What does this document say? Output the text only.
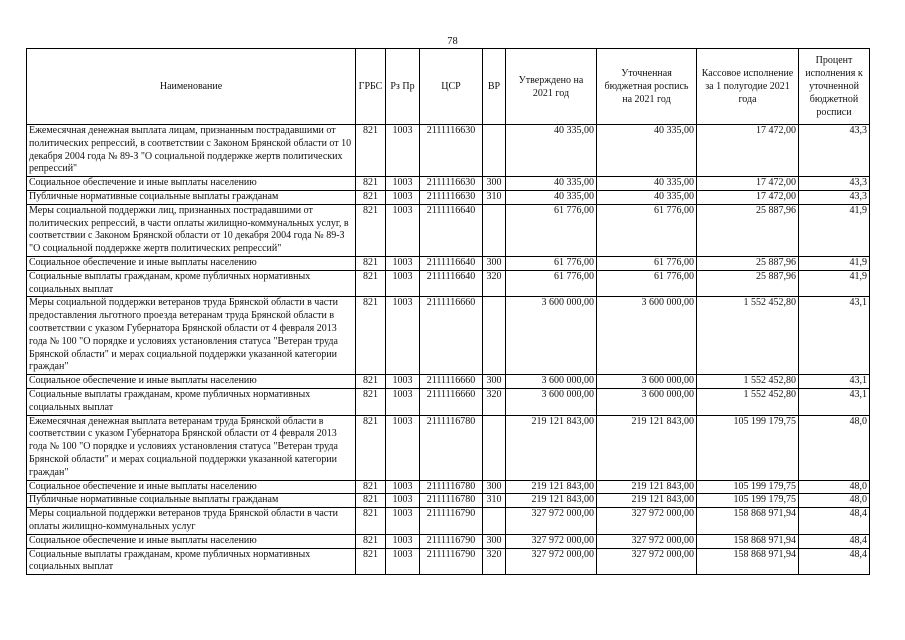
78
Наименование	ГРБС	Рз Пр	ЦСР	ВР	Утверждено на 2021 год	Уточненная бюджетная роспись на 2021 год	Кассовое исполнение за 1 полугодие 2021 года	Процент исполнения к уточненной бюджетной росписи
Ежемесячная денежная выплата лицам, признанным пострадавшими от политических репрессий, в соответствии с Законом Брянской области от 10 декабря 2004 года № 89-З "О социальной поддержке жертв политических репрессий"	821	1003	2111116630		40 335,00	40 335,00	17 472,00	43,3
Социальное обеспечение и иные выплаты населению	821	1003	2111116630	300	40 335,00	40 335,00	17 472,00	43,3
Публичные нормативные социальные выплаты гражданам	821	1003	2111116630	310	40 335,00	40 335,00	17 472,00	43,3
Меры социальной поддержки лиц, признанных пострадавшими от политических репрессий, в части оплаты жилищно-коммунальных услуг, в соответствии с Законом Брянской области от 10 декабря 2004 года № 89-З "О социальной поддержке жертв политических репрессий"	821	1003	2111116640		61 776,00	61 776,00	25 887,96	41,9
Социальное обеспечение и иные выплаты населению	821	1003	2111116640	300	61 776,00	61 776,00	25 887,96	41,9
Социальные выплаты гражданам, кроме публичных нормативных социальных выплат	821	1003	2111116640	320	61 776,00	61 776,00	25 887,96	41,9
Меры социальной поддержки ветеранов труда Брянской области в части предоставления льготного проезда ветеранам труда Брянской области в соответствии с указом Губернатора Брянской области от 4 февраля 2013 года № 100 "О порядке и условиях установления статуса "Ветеран труда Брянской области" и мерах социальной поддержки указанной категории граждан"	821	1003	2111116660		3 600 000,00	3 600 000,00	1 552 452,80	43,1
Социальное обеспечение и иные выплаты населению	821	1003	2111116660	300	3 600 000,00	3 600 000,00	1 552 452,80	43,1
Социальные выплаты гражданам, кроме публичных нормативных социальных выплат	821	1003	2111116660	320	3 600 000,00	3 600 000,00	1 552 452,80	43,1
Ежемесячная денежная выплата ветеранам труда Брянской области в соответствии с указом Губернатора Брянской области от 4 февраля 2013 года № 100 "О порядке и условиях установления статуса "Ветеран труда Брянской области" и мерах социальной поддержки указанной категории граждан"	821	1003	2111116780		219 121 843,00	219 121 843,00	105 199 179,75	48,0
Социальное обеспечение и иные выплаты населению	821	1003	2111116780	300	219 121 843,00	219 121 843,00	105 199 179,75	48,0
Публичные нормативные социальные выплаты гражданам	821	1003	2111116780	310	219 121 843,00	219 121 843,00	105 199 179,75	48,0
Меры социальной поддержки ветеранов труда Брянской области в части оплаты жилищно-коммунальных услуг	821	1003	2111116790		327 972 000,00	327 972 000,00	158 868 971,94	48,4
Социальное обеспечение и иные выплаты населению	821	1003	2111116790	300	327 972 000,00	327 972 000,00	158 868 971,94	48,4
Социальные выплаты гражданам, кроме публичных нормативных социальных выплат	821	1003	2111116790	320	327 972 000,00	327 972 000,00	158 868 971,94	48,4
